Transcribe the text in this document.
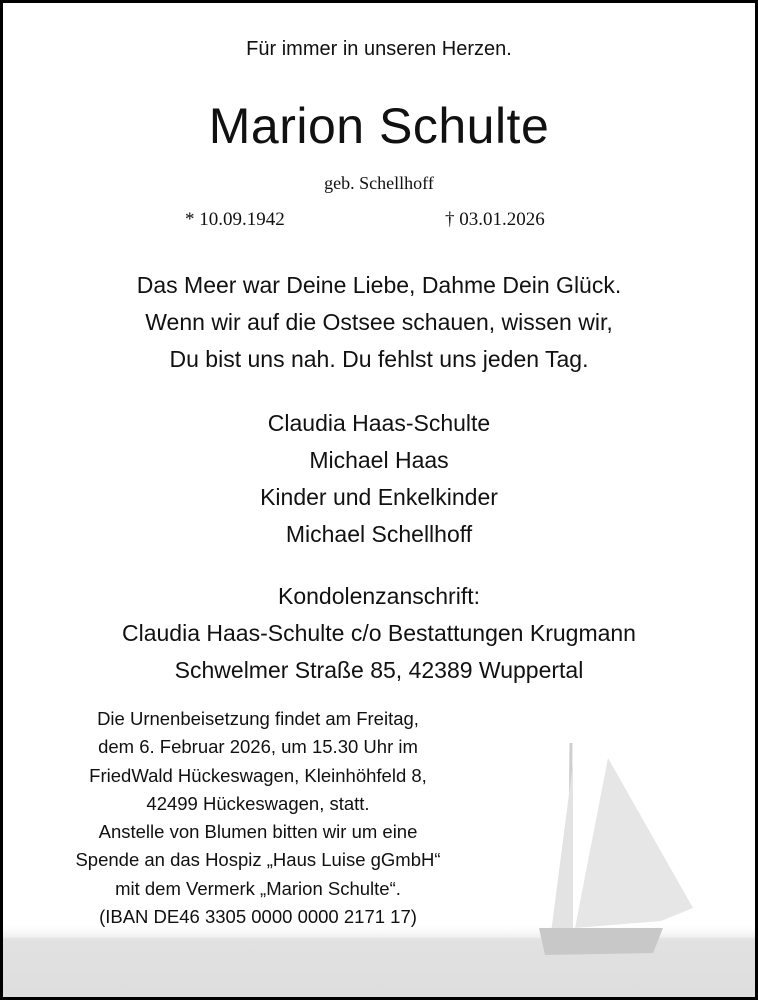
Für immer in unseren Herzen.
Marion Schulte
geb. Schellhoff
* 10.09.1942	† 03.01.2026
Das Meer war Deine Liebe, Dahme Dein Glück.
Wenn wir auf die Ostsee schauen, wissen wir,
Du bist uns nah. Du fehlst uns jeden Tag.
Claudia Haas-Schulte
Michael Haas
Kinder und Enkelkinder
Michael Schellhoff
Kondolenzanschrift:
Claudia Haas-Schulte c/o Bestattungen Krugmann
Schwelmer Straße 85, 42389 Wuppertal
Die Urnenbeisetzung findet am Freitag,
dem 6. Februar 2026, um 15.30 Uhr im
FriedWald Hückeswagen, Kleinhöhfeld 8,
42499 Hückeswagen, statt.
Anstelle von Blumen bitten wir um eine
Spende an das Hospiz „Haus Luise gGmbH“
mit dem Vermerk „Marion Schulte“.
(IBAN DE46 3305 0000 0000 2171 17)
